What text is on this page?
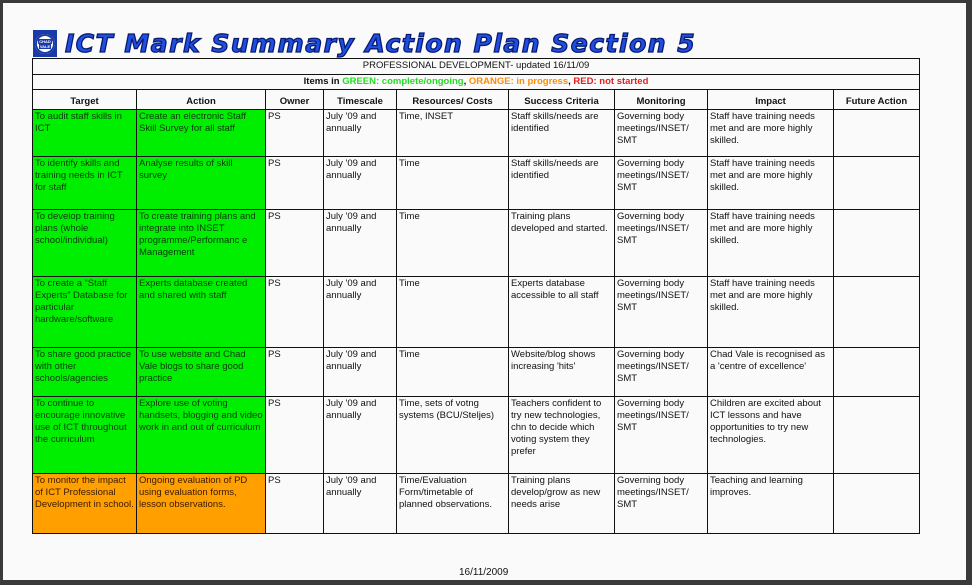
CHAD
VALE ICT Mark Summary Action Plan Section 5
PROFESSIONAL DEVELOPMENT- updated 16/11/09								
Items in GREEN: complete/ongoing, ORANGE: in progress, RED: not started								
Target	Action	Owner	Timescale	Resources/ Costs	Success Criteria	Monitoring	Impact	Future Action
To audit staff skills in ICT	Create an electronic Staff Skill Survey for all staff	PS	July '09 and annually	Time, INSET	Staff skills/needs are identified	Governing body meetings/INSET/ SMT	Staff have training needs met and are more highly skilled.	
To identify skills and training needs in ICT for staff	Analyse results of skill survey	PS	July '09 and annually	Time	Staff skills/needs are identified	Governing body meetings/INSET/ SMT	Staff have training needs met and are more highly skilled.	
To develop training plans (whole school/individual)	To create training plans and integrate into INSET programme/Performanc e Management	PS	July '09 and annually	Time	Training plans developed and started.	Governing body meetings/INSET/ SMT	Staff have training needs met and are more highly skilled.	
To create a “Staff Experts” Database for particular hardware/software	Experts database created and shared with staff	PS	July '09 and annually	Time	Experts database accessible to all staff	Governing body meetings/INSET/ SMT	Staff have training needs met and are more highly skilled.	
To share good practice with other schools/agencies	To use website and Chad Vale blogs to share good practice	PS	July '09 and annually	Time	Website/blog shows increasing 'hits'	Governing body meetings/INSET/ SMT	Chad Vale is recognised as a 'centre of excellence'	
To continue to encourage innovative use of ICT throughout the curriculum	Explore use of voting handsets, blogging and video work in and out of curriculum	PS	July '09 and annually	Time, sets of votng systems (BCU/Steljes)	Teachers confident to try new technologies, chn to decide which voting system they prefer	Governing body meetings/INSET/ SMT	Children are excited about ICT lessons and have opportunities to try new technologies.	
To monitor the impact of ICT Professional Development in school.	Ongoing evaluation of PD using evaluation forms, lesson observations.	PS	July '09 and annually	Time/Evaluation Form/timetable of planned observations.	Training plans develop/grow as new needs arise	Governing body meetings/INSET/ SMT	Teaching and learning improves.	
16/11/2009
